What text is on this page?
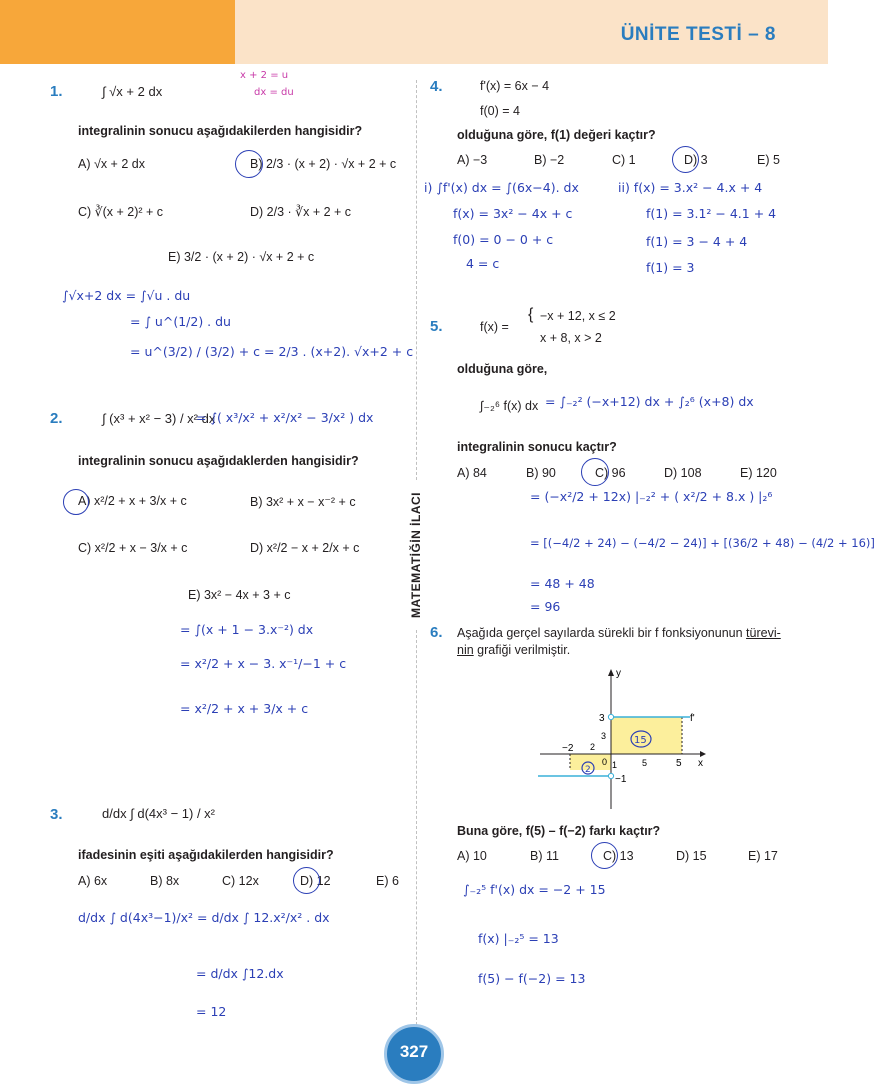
ÜNİTE TESTİ – 8
MATEMATİĞİN İLACI
1.	∫ √x + 2 dx
x + 2 = u
dx = du
integralinin sonucu aşağıdakilerden hangisidir?
A) √x + 2 dx	B) 2/3 · (x + 2) · √x + 2 + c
C) ∛(x + 2)² + c	D) 2/3 · ∛x + 2 + c
E) 3/2 · (x + 2) · √x + 2 + c
∫√x+2 dx = ∫√u . du
= ∫ u^(1/2) . du
= u^(3/2) / (3/2) + c = 2/3 . (x+2). √x+2 + c
2.	∫ (x³ + x² − 3) / x² dx
= ∫( x³/x² + x²/x² − 3/x² ) dx
integralinin sonucu aşağıdaklerden hangisidir?
A) x²/2 + x + 3/x + c	B) 3x² + x − x⁻² + c
C) x²/2 + x − 3/x + c	D) x²/2 − x + 2/x + c
E) 3x² − 4x + 3 + c
= ∫(x + 1 − 3.x⁻²) dx
= x²/2 + x − 3. x⁻¹/−1 + c
= x²/2 + x + 3/x + c
3.	d/dx ∫ d(4x³ − 1) / x²
ifadesinin eşiti aşağıdakilerden hangisidir?
A) 6x	B) 8x	C) 12x	D) 12	E) 6
d/dx ∫ d(4x³−1)/x² = d/dx ∫ 12.x²/x² . dx
= d/dx ∫12.dx
= 12
4.	f'(x) = 6x − 4
f(0) = 4
olduğuna göre, f(1) değeri kaçtır?
A) −3	B) −2	C) 1	D) 3	E) 5
i) ∫f'(x) dx = ∫(6x−4). dx
f(x) = 3x² − 4x + c
f(0) = 0 − 0 + c
4 = c
ii) f(x) = 3.x² − 4.x + 4
f(1) = 3.1² − 4.1 + 4
f(1) = 3 − 4 + 4
f(1) = 3
5.	f(x) =
{ −x + 12, x ≤ 2
x + 8, x > 2
olduğuna göre,
∫₋₂⁶ f(x) dx = ∫₋₂² (−x+12) dx + ∫₂⁶ (x+8) dx
integralinin sonucu kaçtır?
A) 84	B) 90	C) 96	D) 108	E) 120
= (−x²/2 + 12x) |₋₂² + ( x²/2 + 8.x ) |₂⁶
= [(−4/2 + 24) − (−4/2 − 24)] + [(36/2 + 48) − (4/2 + 16)]
= 48 + 48
= 96
6. Aşağıda gerçel sayılarda sürekli bir f fonksiyonunun türevi-
nin grafiği verilmiştir.
y
x
f'
3
3
−2 2
0 1	5	5
−1
15
2
Buna göre, f(5) – f(−2) farkı kaçtır?
A) 10	B) 11	C) 13	D) 15	E) 17
∫₋₂⁵ f'(x) dx = −2 + 15
f(x) |₋₂⁵ = 13
f(5) − f(−2) = 13
327
